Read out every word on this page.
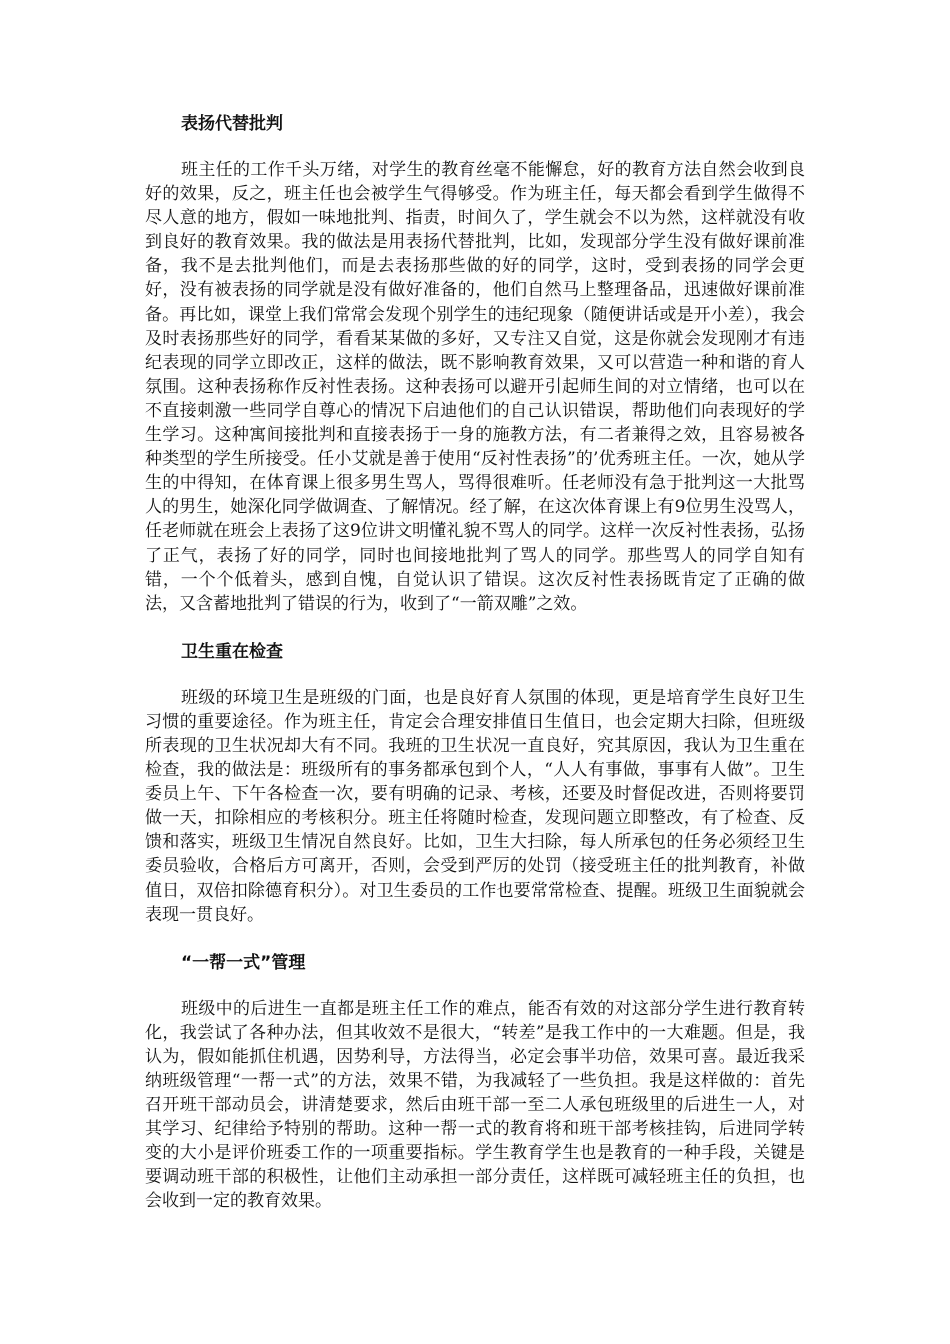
表扬代替批判

班主任的工作千头万绪，对学生的教育丝毫不能懈怠，好的教育方法自然会收到良好的效果，反之，班主任也会被学生气得够受。作为班主任，每天都会看到学生做得不尽人意的地方，假如一味地批判、指责，时间久了，学生就会不以为然，这样就没有收到良好的教育效果。我的做法是用表扬代替批判，比如，发现部分学生没有做好课前准备，我不是去批判他们，而是去表扬那些做的好的同学，这时，受到表扬的同学会更好，没有被表扬的同学就是没有做好准备的，他们自然马上整理备品，迅速做好课前准备。再比如，课堂上我们常常会发现个别学生的违纪现象（随便讲话或是开小差），我会及时表扬那些好的同学，看看某某做的多好，又专注又自觉，这是你就会发现刚才有违纪表现的同学立即改正，这样的做法，既不影响教育效果，又可以营造一种和谐的育人氛围。这种表扬称作反衬性表扬。这种表扬可以避开引起师生间的对立情绪，也可以在不直接刺激一些同学自尊心的情况下启迪他们的自己认识错误，帮助他们向表现好的学生学习。这种寓间接批判和直接表扬于一身的施教方法，有二者兼得之效，且容易被各种类型的学生所接受。任小艾就是善于使用“反衬性表扬”的’优秀班主任。一次，她从学生的中得知，在体育课上很多男生骂人，骂得很难听。任老师没有急于批判这一大批骂人的男生，她深化同学做调查、了解情况。经了解，在这次体育课上有9位男生没骂人，任老师就在班会上表扬了这9位讲文明懂礼貌不骂人的同学。这样一次反衬性表扬，弘扬了正气，表扬了好的同学，同时也间接地批判了骂人的同学。那些骂人的同学自知有错，一个个低着头，感到自愧，自觉认识了错误。这次反衬性表扬既肯定了正确的做法，又含蓄地批判了错误的行为，收到了“一箭双雕”之效。

卫生重在检查

班级的环境卫生是班级的门面，也是良好育人氛围的体现，更是培育学生良好卫生习惯的重要途径。作为班主任，肯定会合理安排值日生值日，也会定期大扫除，但班级所表现的卫生状况却大有不同。我班的卫生状况一直良好，究其原因，我认为卫生重在检查，我的做法是：班级所有的事务都承包到个人，“人人有事做，事事有人做”。卫生委员上午、下午各检查一次，要有明确的记录、考核，还要及时督促改进，否则将要罚做一天，扣除相应的考核积分。班主任将随时检查，发现问题立即整改，有了检查、反馈和落实，班级卫生情况自然良好。比如，卫生大扫除，每人所承包的任务必须经卫生委员验收，合格后方可离开，否则，会受到严厉的处罚（接受班主任的批判教育，补做值日，双倍扣除德育积分）。对卫生委员的工作也要常常检查、提醒。班级卫生面貌就会表现一贯良好。

“一帮一式”管理

班级中的后进生一直都是班主任工作的难点，能否有效的对这部分学生进行教育转化，我尝试了各种办法，但其收效不是很大，“转差”是我工作中的一大难题。但是，我认为，假如能抓住机遇，因势利导，方法得当，必定会事半功倍，效果可喜。最近我采纳班级管理“一帮一式”的方法，效果不错，为我减轻了一些负担。我是这样做的：首先召开班干部动员会，讲清楚要求，然后由班干部一至二人承包班级里的后进生一人，对其学习、纪律给予特别的帮助。这种一帮一式的教育将和班干部考核挂钩，后进同学转变的大小是评价班委工作的一项重要指标。学生教育学生也是教育的一种手段，关键是要调动班干部的积极性，让他们主动承担一部分责任，这样既可减轻班主任的负担，也会收到一定的教育效果。
